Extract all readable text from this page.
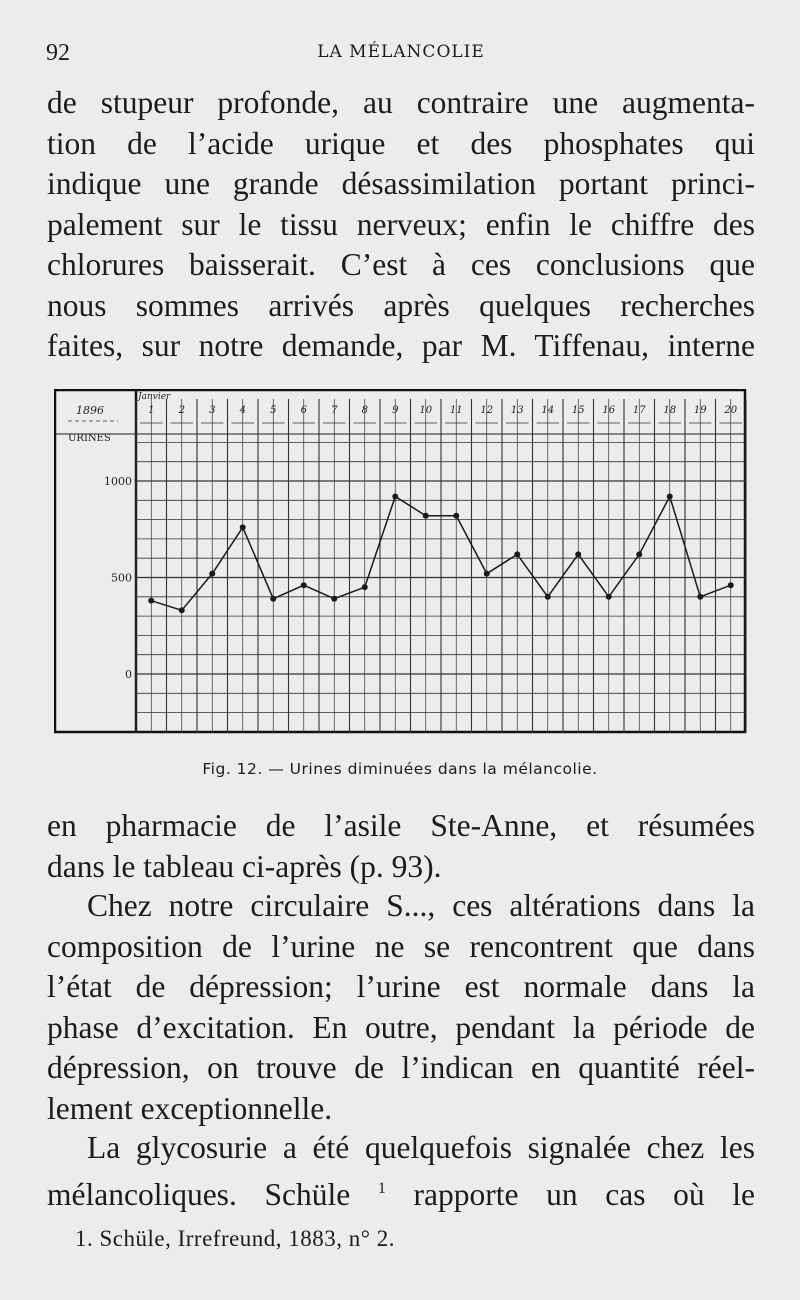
92	LA MÉLANCOLIE
de stupeur profonde, au contraire une augmenta-
tion de l’acide urique et des phosphates qui
indique une grande désassimilation portant princi-
palement sur le tissu nerveux; enfin le chiffre des
chlorures baisserait. C’est à ces conclusions que
nous sommes arrivés après quelques recherches
faites, sur notre demande, par M. Tiffenau, interne
1896
URINES
Janvier
1 2 3 4 5 6 7 8 9 10 11 12 13 14 15 16 17 18 19 20
0
500
1000
Fig. 12. — Urines diminuées dans la mélancolie.
en pharmacie de l’asile Ste-Anne, et résumées
dans le tableau ci-après (p. 93).
Chez notre circulaire S..., ces altérations dans la
composition de l’urine ne se rencontrent que dans
l’état de dépression; l’urine est normale dans la
phase d’excitation. En outre, pendant la période de
dépression, on trouve de l’indican en quantité réel-
lement exceptionnelle.
La glycosurie a été quelquefois signalée chez les
mélancoliques. Schüle $^1$ rapporte un cas où le
1. Schüle, Irrefreund, 1883, n° 2.
